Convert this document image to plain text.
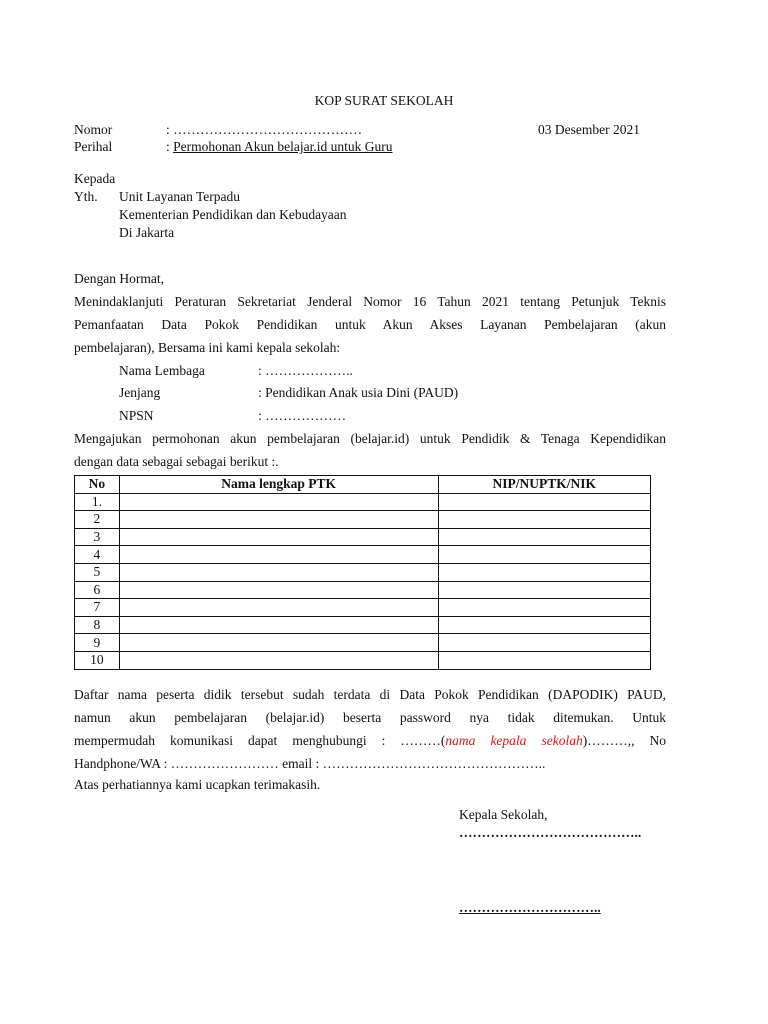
KOP SURAT SEKOLAH
Nomor	: ……………………………………	03 Desember 2021
Perihal	: Permohonan Akun belajar.id untuk Guru
Kepada
Yth. Unit Layanan Terpadu
Kementerian Pendidikan dan Kebudayaan
Di Jakarta
Dengan Hormat,
Menindaklanjuti Peraturan Sekretariat Jenderal Nomor 16 Tahun 2021 tentang Petunjuk Teknis
Pemanfaatan Data Pokok Pendidikan untuk Akun Akses Layanan Pembelajaran (akun
pembelajaran), Bersama ini kami kepala sekolah:
Nama Lembaga	: ………………..
Jenjang	: Pendidikan Anak usia Dini (PAUD)
NPSN	: ………………
Mengajukan permohonan akun pembelajaran (belajar.id) untuk Pendidik & Tenaga Kependidikan
dengan data sebagai sebagai berikut :.
No	Nama lengkap PTK	NIP/NUPTK/NIK
1.		
2		
3		
4		
5		
6		
7		
8		
9		
10		
Daftar nama peserta didik tersebut sudah terdata di Data Pokok Pendidikan (DAPODIK) PAUD,
namun akun pembelajaran (belajar.id) beserta password nya tidak ditemukan. Untuk
mempermudah komunikasi dapat menghubungi : ………(nama kepala sekolah)………,, No
Handphone/WA : …………………… email : …………………………………………..
Atas perhatiannya kami ucapkan terimakasih.
Kepala Sekolah,
…………………………………..
…………………………..
